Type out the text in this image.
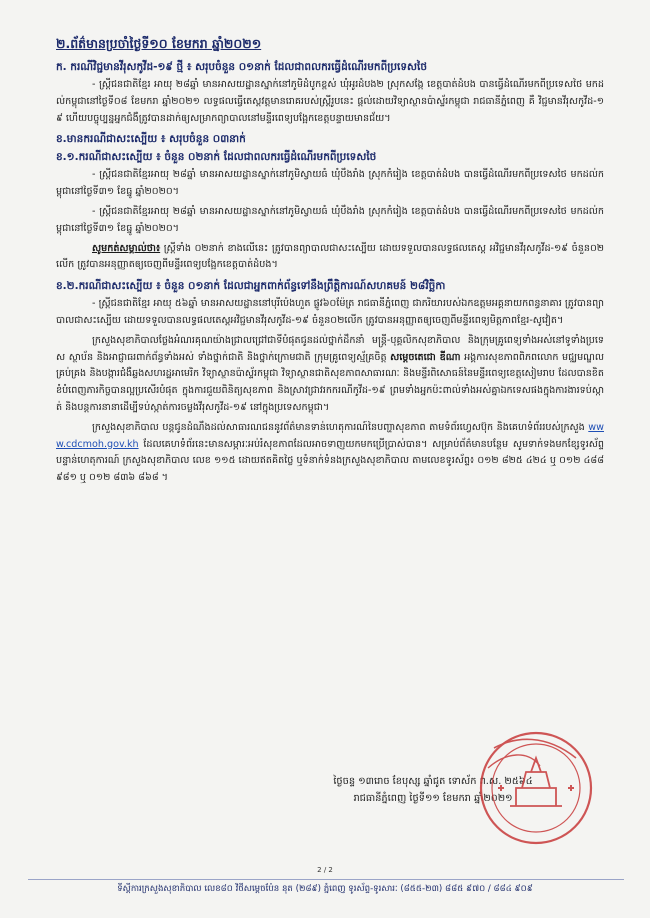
២.ព័ត៌មានប្រចាំថ្ងៃទី១០ ខែមករា ឆ្នាំ២០២១
ក. ករណីវិជ្ជមានវីរុសកូវីដ-១៩ ថ្មី ៖ សរុបចំនួន ០១នាក់ ដែលជាពលករធ្វើដំណើរមកពីប្រទេសថៃ
- ស្រ្តីជនជាតិខ្មែរ អាយុ ២៨ឆ្នាំ មានអាសយដ្ឋានស្នាក់នៅភូមិដំបូកខ្ពស់ ឃុំអូរដំបង២ ស្រុកសង្កែ ខេត្តបាត់ដំបង បានធ្វើដំណើរមកពីប្រទេសថៃ មកដល់កម្ពុជានៅថ្ងៃទី០៨ ខែមករា ឆ្នាំ២០២១ លទ្ធផលធ្វើតេស្តវត្តមានរោគរបស់ស្ត្រីរូបនេះ ផ្តល់ដោយវិទ្យាស្ថានប៉ាស្ទ័រកម្ពុជា រាជធានីភ្នំពេញ គឺ វិជ្ជមានវីរុសកូវីដ-១៩ ហើយបច្ចុប្បន្នអ្នកជំងឺត្រូវបានដាក់ឲ្យសម្រាកព្យាបាលនៅមន្ទីរពេទ្យបង្អែកខេត្តបន្ទាយមានជ័យ។
ខ.មានករណីជាសះស្បើយ ៖ សរុបចំនួន ០៣នាក់
ខ.១.ករណីជាសះស្បើយ ៖ ចំនួន ០២នាក់ ដែលជាពលករធ្វើដំណើរមកពីប្រទេសថៃ
- ស្ត្រីជនជាតិខ្មែរអាយុ ២៨ឆ្នាំ មានអាសយដ្ឋានស្នាក់នៅភូមិស្វាយធំ ឃុំបឹងរាំង ស្រុកកំរៀង ខេត្តបាត់ដំបង បានធ្វើដំណើរមកពីប្រទេសថៃ មកដល់កម្ពុជានៅថ្ងៃទី៣១ ខែធ្នូ ឆ្នាំ២០២០។
- ស្ត្រីជនជាតិខ្មែរអាយុ ២៨ឆ្នាំ មានអាសយដ្ឋានស្នាក់នៅភូមិស្វាយធំ ឃុំបឹងរាំង ស្រុកកំរៀង ខេត្តបាត់ដំបង បានធ្វើដំណើរមកពីប្រទេសថៃ មកដល់កម្ពុជានៅថ្ងៃទី៣១ ខែធ្នូ ឆ្នាំ២០២០។
សូមកត់សម្គាល់ថា៖ ស្ត្រីទាំង ០២នាក់ ខាងលើនេះ ត្រូវបានព្យាបាលជាសះស្បើយ ដោយទទួលបានលទ្ធផលតេស្ត អវិជ្ជមានវីរុសកូវីដ-១៩ ចំនួន០២លើក ត្រូវបានអនុញ្ញាតឲ្យចេញពីមន្ទីរពេទ្យបង្អែកខេត្តបាត់ដំបង។
ខ.២.ករណីជាសះស្បើយ ៖ ចំនួន ០១នាក់ ដែលជាអ្នកពាក់ព័ន្ធទៅនឹងព្រឹត្តិការណ៍សហគមន៍ ២៨វិច្ឆិកា
- ស្ត្រីជនជាតិខ្មែរ អាយុ ៥៦ឆ្នាំ មានអាសយដ្ឋាននៅបុរីប៉េងហួត ផ្លូវ៦០ម៉ែត្រ រាជធានីភ្នំពេញ ជាភរិយារបស់ឯកឧត្តមអគ្គនាយកពន្ធនាគារ ត្រូវបានព្យាបាលជាសះស្បើយ ដោយទទួលបានលទ្ធផលតេស្តអវិជ្ជមានវីរុសកូវីដ-១៩ ចំនួន០២លើក ត្រូវបានអនុញ្ញាតឲ្យចេញពីមន្ទីរពេទ្យមិត្តភាពខ្មែរ-សូវៀត។
ក្រសួងសុខាភិបាលថ្លែងអំណរគុណយ៉ាងជ្រាលជ្រៅជាទីបំផុតជូនដល់ថ្នាក់ដឹកនាំ មន្ត្រី-បុគ្គលិកសុខាភិបាល និងក្រុមគ្រូពេទ្យទាំងអស់នៅទូទាំងប្រទេស ស្ថាប័ន និងអាជ្ញាធរពាក់ព័ន្ធទាំងអស់ ទាំងថ្នាក់ជាតិ និងថ្នាក់ក្រោមជាតិ ក្រុមគ្រូពេទ្យស្ម័គ្រចិត្ត សម្តេចតេជោ ឌីណា អង្គការសុខភាពពិភពលោក មជ្ឈមណ្ឌលគ្រប់គ្រង និងបង្ការជំងឺឆ្លងសហរដ្ឋអាមេរិក វិទ្យាស្ថានប៉ាស្ទ័រកម្ពុជា វិទ្យាស្ថានជាតិសុខភាពសាធារណៈ និងមន្ទីរពិសោធន៍នៃមន្ទីរពេទ្យខេត្តសៀមរាប ដែលបានខិតខំបំពេញភារកិច្ចបានល្អប្រសើរបំផុត ក្នុងការជួយពិនិត្យសុខភាព និងស្រាវជ្រាវរកករណីកូវីដ-១៩ ព្រមទាំងអ្នកប៉ះពាល់ទាំងអស់គ្នាឯកទេសផងក្នុងការងារទប់ស្កាត់ និងបន្តការនានាដើម្បីទប់ស្កាត់ការចម្លងវីរុសកូវីដ-១៩ នៅក្នុងប្រទេសកម្ពុជា។
ក្រសួងសុខាភិបាល បន្តជូនដំណឹងដល់សាធារណជននូវព័ត៌មានទាន់ហេតុការណ៍នៃបញ្ហាសុខភាព តាមទំព័រហ្វេសប៊ុក និងគេហទំព័ររបស់ក្រសួង www.cdcmoh.gov.kh ដែលគេហទំព័រនេះមានសម្ភារៈអប់រំសុខភាពដែលអាចទាញយកមកប្រើប្រាស់បាន។ សម្រាប់ព័ត៌មានបន្ថែម សូមទាក់ទងមកខ្សែទូរស័ព្ទបន្ទាន់ហេតុការណ៍ ក្រសួងសុខាភិបាល លេខ ១១៥ ដោយឥតគិតថ្លៃ ឬទំនាក់ទំនងក្រសួងសុខាភិបាល តាមលេខទូរស័ព្ទ៖ ០១២ ៨២៥ ៤២៤ ឬ ០១២ ៤៨៨ ៩៨១ ឬ ០១២ ៨៣៦ ៨៦៨ ។
ថ្ងៃចន្ទ ១៣រោច ខែបុស្ស ឆ្នាំជូត ទោស័ក ព.ស. ២៥៦៤
រាជធានីភ្នំពេញ ថ្ងៃទី១១ ខែមករា ឆ្នាំ២០២១
2 / 2
ទីស្តីការក្រសួងសុខាភិបាល លេខ៨០ វិថីសម្តេចប៉ែន នុត (២៨៩) ភ្នំពេញ ទូរស័ព្ទ-ទូរសារៈ (៨៥៥-២៣) ៨៨៥ ៩៧០ / ៨៨៤ ៩០៩
